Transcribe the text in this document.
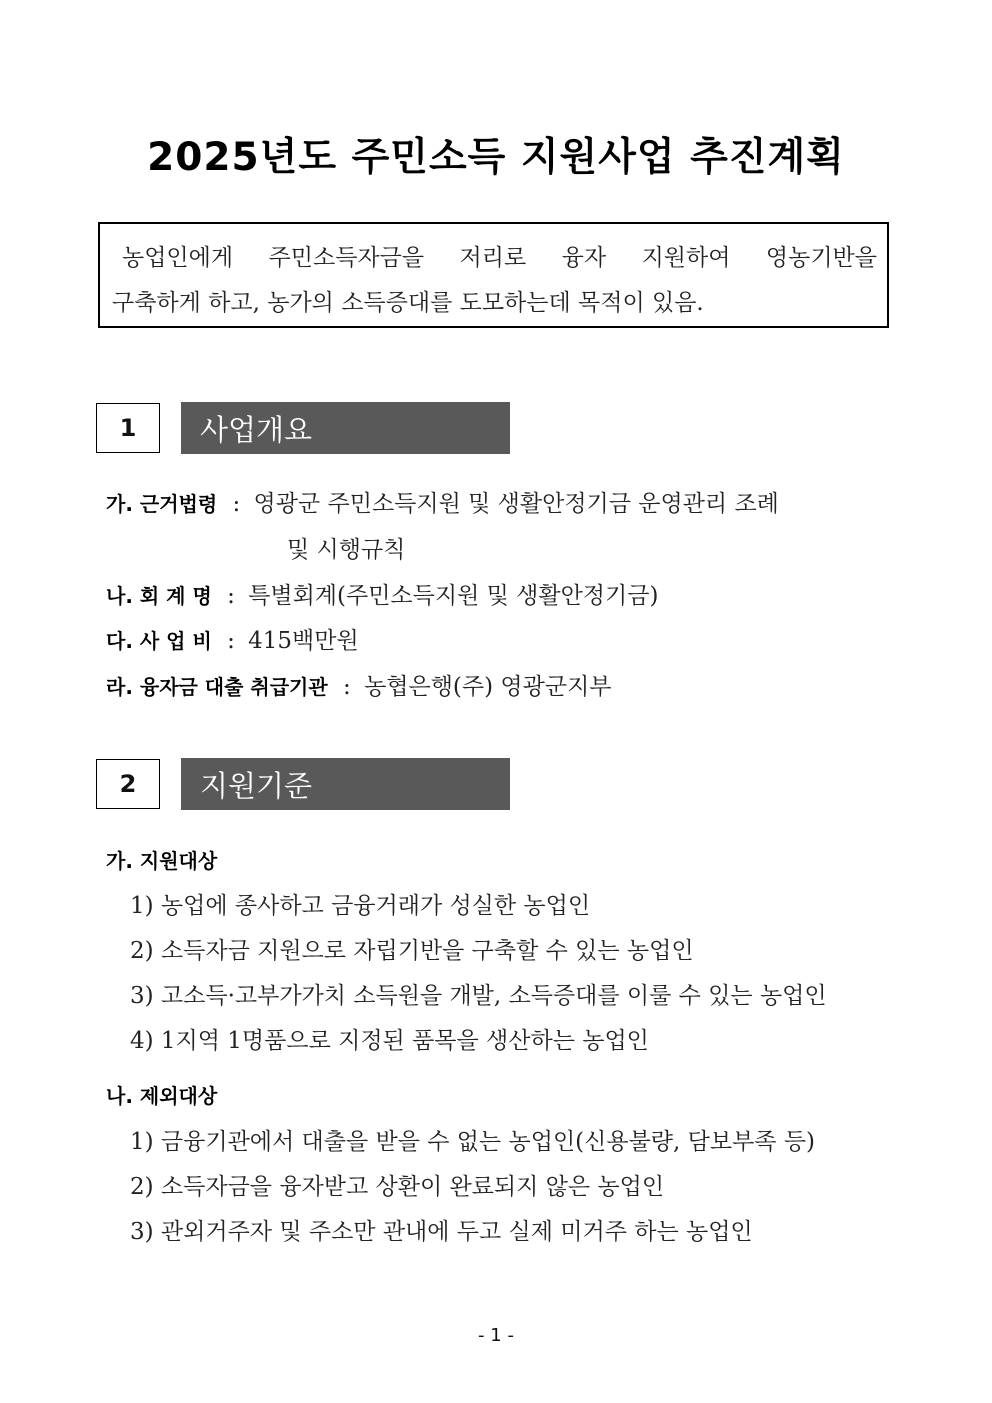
2025년도 주민소득 지원사업 추진계획
농업인에게 주민소득자금을 저리로 융자 지원하여 영농기반을
구축하게 하고, 농가의 소득증대를 도모하는데 목적이 있음.
1	사업개요
가. 근거법령 : 영광군 주민소득지원 및 생활안정기금 운영관리 조례
및 시행규칙
나. 회 계 명 : 특별회계(주민소득지원 및 생활안정기금)
다. 사 업 비 : 415백만원
라. 융자금 대출 취급기관 : 농협은행(주) 영광군지부
2	지원기준
가. 지원대상
1) 농업에 종사하고 금융거래가 성실한 농업인
2) 소득자금 지원으로 자립기반을 구축할 수 있는 농업인
3) 고소득·고부가가치 소득원을 개발, 소득증대를 이룰 수 있는 농업인
4) 1지역 1명품으로 지정된 품목을 생산하는 농업인
나. 제외대상
1) 금융기관에서 대출을 받을 수 없는 농업인(신용불량, 담보부족 등)
2) 소득자금을 융자받고 상환이 완료되지 않은 농업인
3) 관외거주자 및 주소만 관내에 두고 실제 미거주 하는 농업인
- 1 -
